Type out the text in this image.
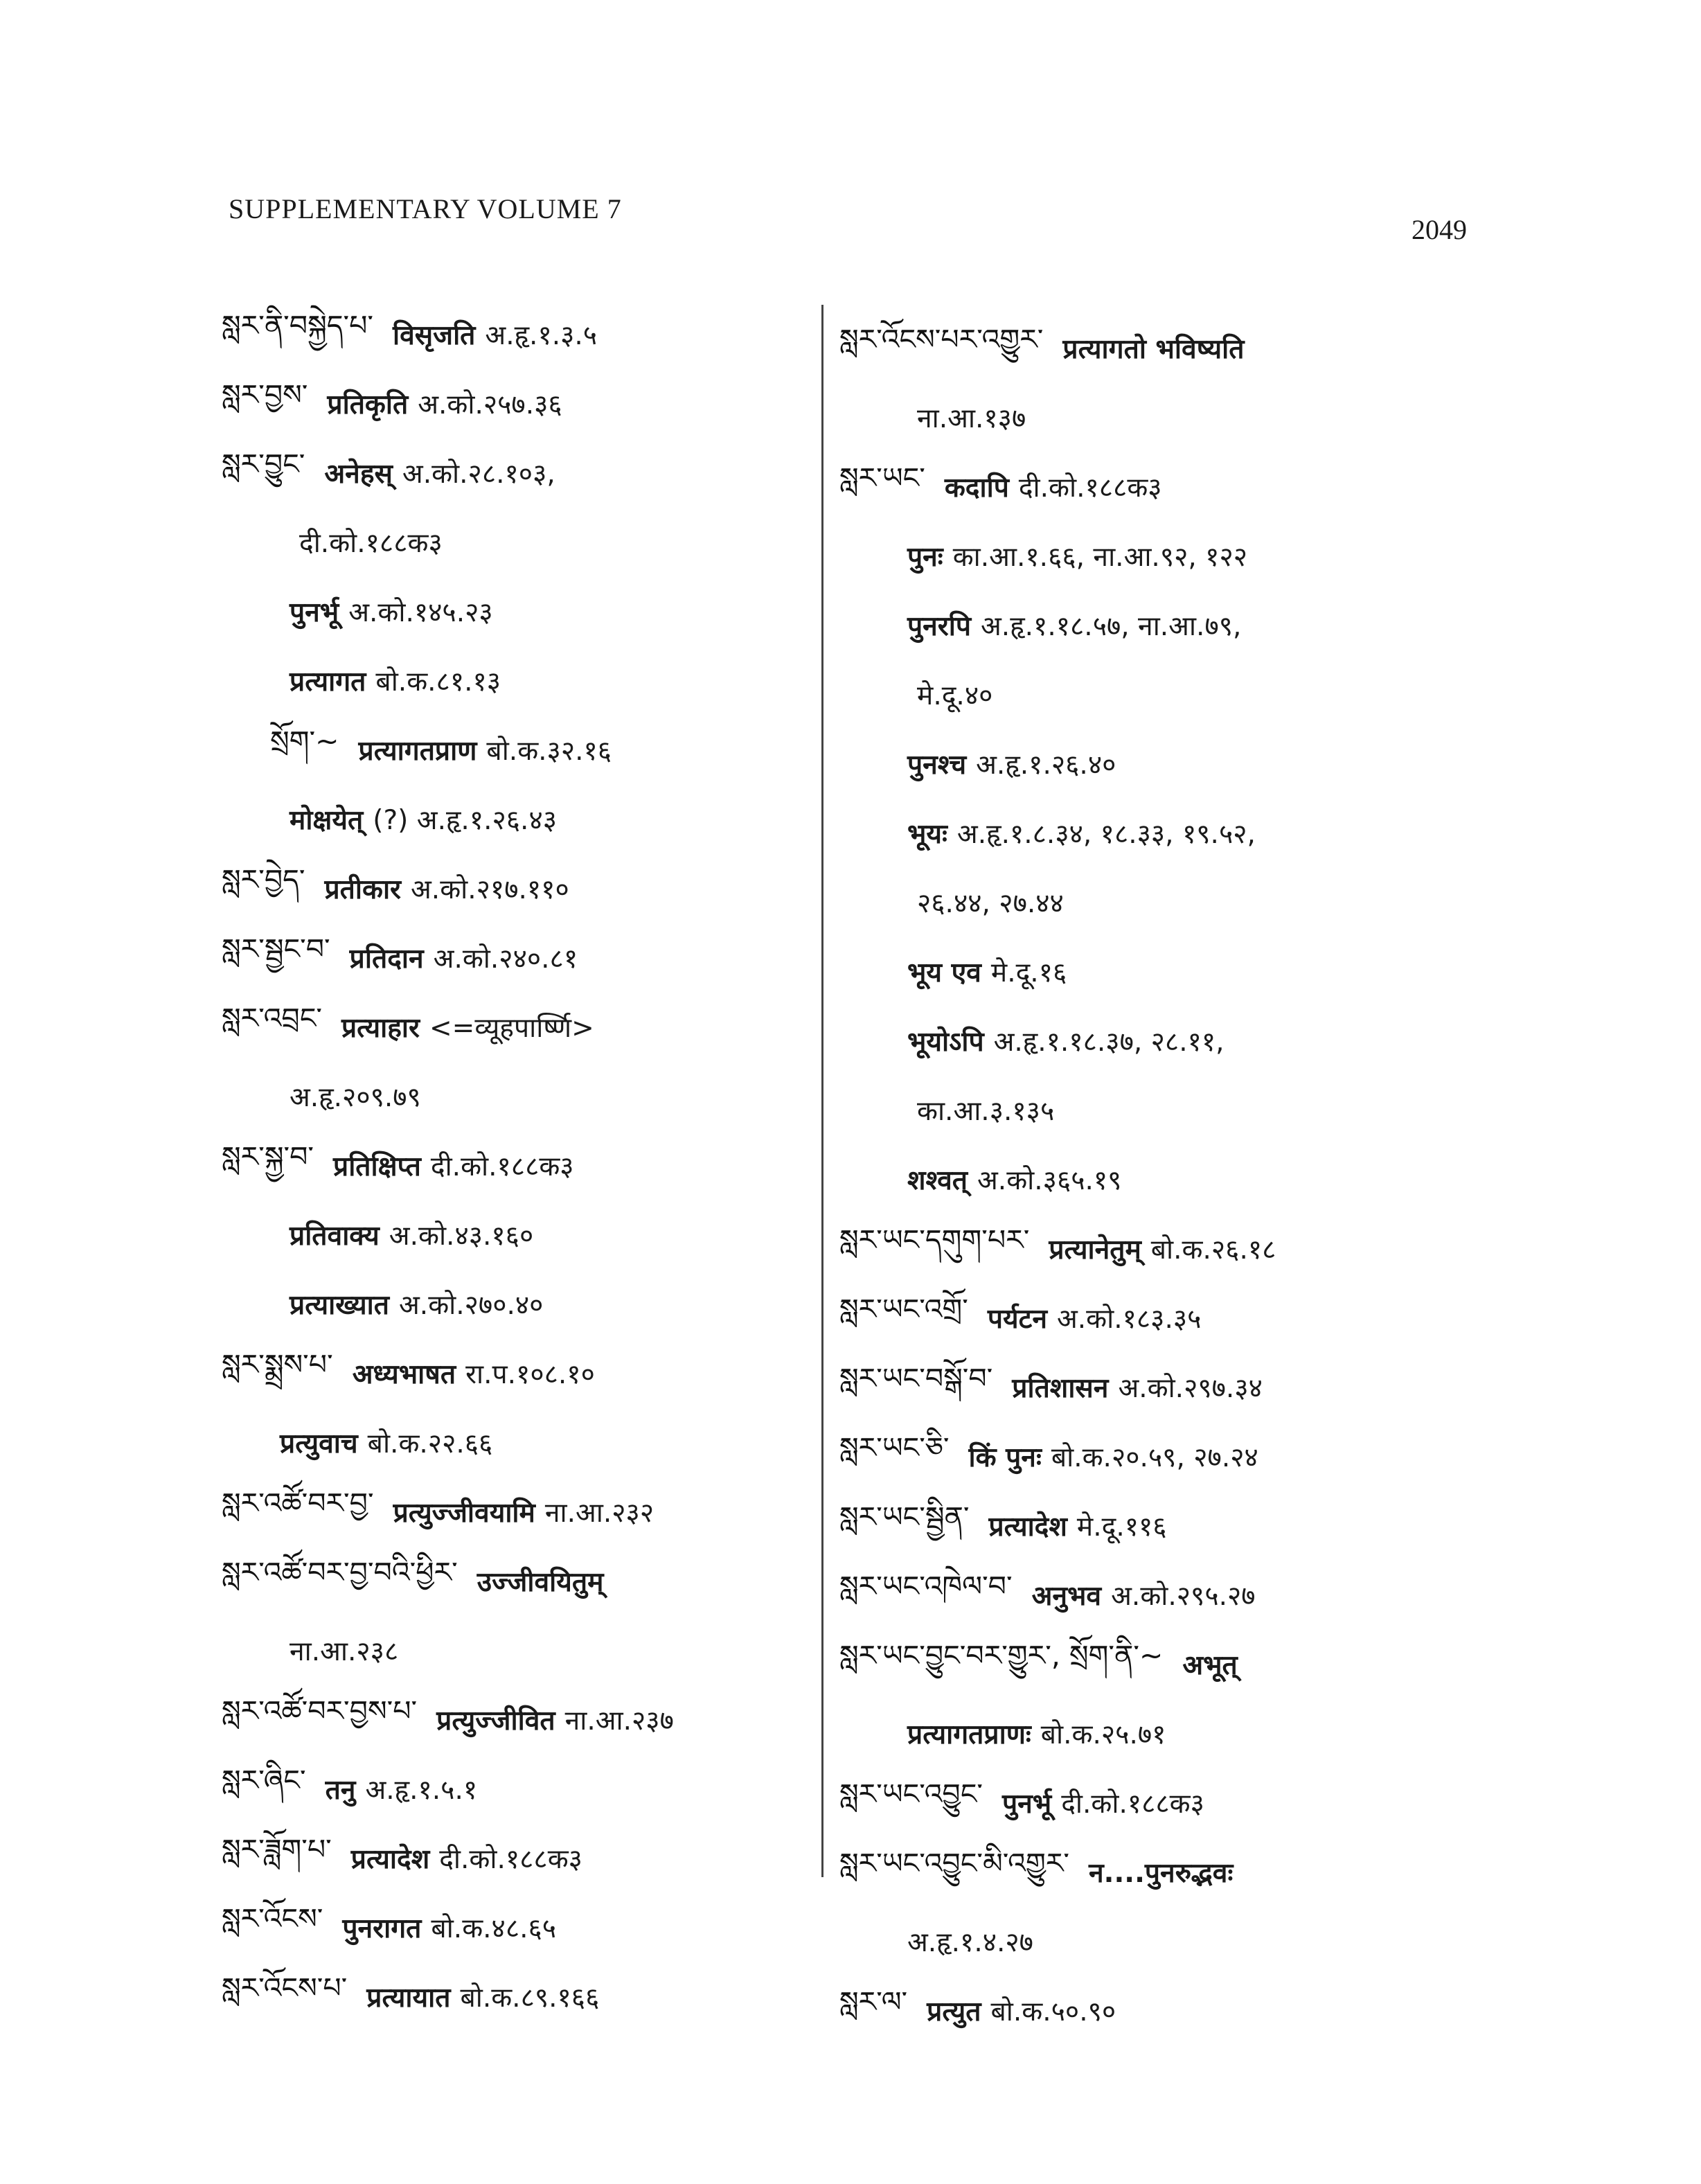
SUPPLEMENTARY VOLUME 7
2049
སླར་ནི་བསྐྱེད་པ་ विसृजति अ.हृ.१.३.५
སླར་བྱས་ प्रतिकृति अ.को.२५७.३६
སླར་བྱུང་ अनेहस् अ.को.२८.१०३,
दी.को.१८८क३
पुनर्भू अ.को.१४५.२३
प्रत्यागत बो.क.८१.१३
སྲོག་~ प्रत्यागतप्राण बो.क.३२.१६
मोक्षयेत् (?) अ.हृ.१.२६.४३
སླར་བྱེད་ प्रतीकार अ.को.२१७.११०
སླར་སྦྱང་བ་ प्रतिदान अ.को.२४०.८१
སླར་འབྲང་ प्रत्याहार <=व्यूहपार्ष्णि>
अ.हृ.२०९.७९
སླར་སྐྱ་བ་ प्रतिक्षिप्त दी.को.१८८क३
प्रतिवाक्य अ.को.४३.१६०
प्रत्याख्यात अ.को.२७०.४०
སླར་སྨྲས་པ་ अध्यभाषत रा.प.१०८.१०
प्रत्युवाच बो.क.२२.६६
སླར་འཚོ་བར་བྱ་ प्रत्युज्जीवयामि ना.आ.२३२
སླར་འཚོ་བར་བྱ་བའི་ཕྱིར་ उज्जीवयितुम्
ना.आ.२३८
སླར་འཚོ་བར་བྱས་པ་ प्रत्युज्जीवित ना.आ.२३७
སླར་ཞིང་ तनु अ.हृ.१.५.१
སླར་ཟློག་པ་ प्रत्यादेश दी.को.१८८क३
སླར་འོངས་ पुनरागत बो.क.४८.६५
སླར་འོངས་པ་ प्रत्यायात बो.क.८९.१६६
སླར་འོངས་པར་འགྱུར་ प्रत्यागतो भविष्यति
ना.आ.१३७
སླར་ཡང་ कदापि दी.को.१८८क३
पुनः का.आ.१.६६, ना.आ.९२, १२२
पुनरपि अ.हृ.१.१८.५७, ना.आ.७९,
मे.दू.४०
पुनश्च अ.हृ.१.२६.४०
भूयः अ.हृ.१.८.३४, १८.३३, १९.५२,
२६.४४, २७.४४
भूय एव मे.दू.१६
भूयोऽपि अ.हृ.१.१८.३७, २८.११,
का.आ.३.१३५
शश्वत् अ.को.३६५.१९
སླར་ཡང་དགུག་པར་ प्रत्यानेतुम् बो.क.२६.१८
སླར་ཡང་འགྲོ་ पर्यटन अ.को.१८३.३५
སླར་ཡང་བསྒོ་བ་ प्रतिशासन अ.को.२९७.३४
སླར་ཡང་ཅི་ किं पुनः बो.क.२०.५९, २७.२४
སླར་ཡང་སྦྱིན་ प्रत्यादेश मे.दू.११६
སླར་ཡང་འཁེལ་བ་ अनुभव अ.को.२९५.२७
སླར་ཡང་བྱུང་བར་གྱུར་, སྲོག་ནི་~ अभूत्
प्रत्यागतप्राणः बो.क.२५.७१
སླར་ཡང་འབྱུང་ पुनर्भू दी.को.१८८क३
སླར་ཡང་འབྱུང་མི་འགྱུར་ न....पुनरुद्भवः
अ.हृ.१.४.२७
སླར་ལ་ प्रत्युत बो.क.५०.९०
